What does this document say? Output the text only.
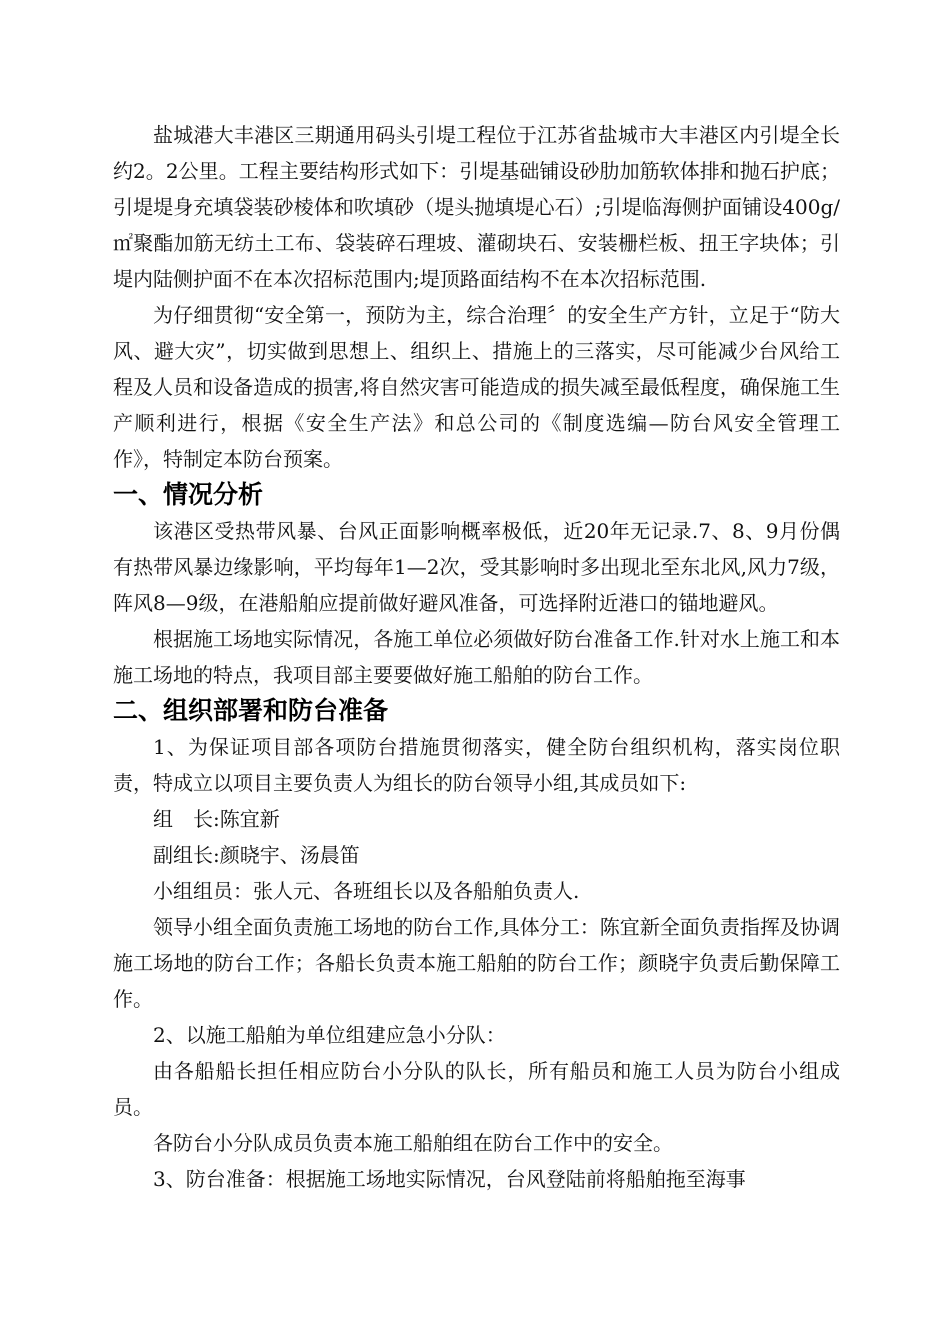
盐城港大丰港区三期通用码头引堤工程位于江苏省盐城市大丰港区内引堤全长约2。2公里。工程主要结构形式如下：引堤基础铺设砂肋加筋软体排和抛石护底；引堤堤身充填袋装砂棱体和吹填砂（堤头抛填堤心石）;引堤临海侧护面铺设400g/㎡聚酯加筋无纺土工布、袋装碎石理坡、灌砌块石、安装栅栏板、扭王字块体；引堤内陆侧护面不在本次招标范围内;堤顶路面结构不在本次招标范围.

为仔细贯彻“安全第一，预防为主，综合治理〞的安全生产方针，立足于“防大风、避大灾”，切实做到思想上、组织上、措施上的三落实，尽可能减少台风给工程及人员和设备造成的损害,将自然灾害可能造成的损失减至最低程度，确保施工生产顺利进行，根据《安全生产法》和总公司的《制度选编—防台风安全管理工作》，特制定本防台预案。

一、情况分析

该港区受热带风暴、台风正面影响概率极低，近20年无记录.7、8、9月份偶有热带风暴边缘影响，平均每年1—2次，受其影响时多出现北至东北风,风力7级，阵风8—9级，在港船舶应提前做好避风准备，可选择附近港口的锚地避风。

根据施工场地实际情况，各施工单位必须做好防台准备工作.针对水上施工和本施工场地的特点，我项目部主要要做好施工船舶的防台工作。

二、组织部署和防台准备

1、为保证项目部各项防台措施贯彻落实，健全防台组织机构，落实岗位职责，特成立以项目主要负责人为组长的防台领导小组,其成员如下:

组　长:陈宜新

副组长:颜晓宇、汤晨笛

小组组员：张人元、各班组长以及各船舶负责人.

领导小组全面负责施工场地的防台工作,具体分工：陈宜新全面负责指挥及协调施工场地的防台工作；各船长负责本施工船舶的防台工作；颜晓宇负责后勤保障工作。

2、以施工船舶为单位组建应急小分队：

由各船船长担任相应防台小分队的队长，所有船员和施工人员为防台小组成员。

各防台小分队成员负责本施工船舶组在防台工作中的安全。

3、防台准备：根据施工场地实际情况，台风登陆前将船舶拖至海事
